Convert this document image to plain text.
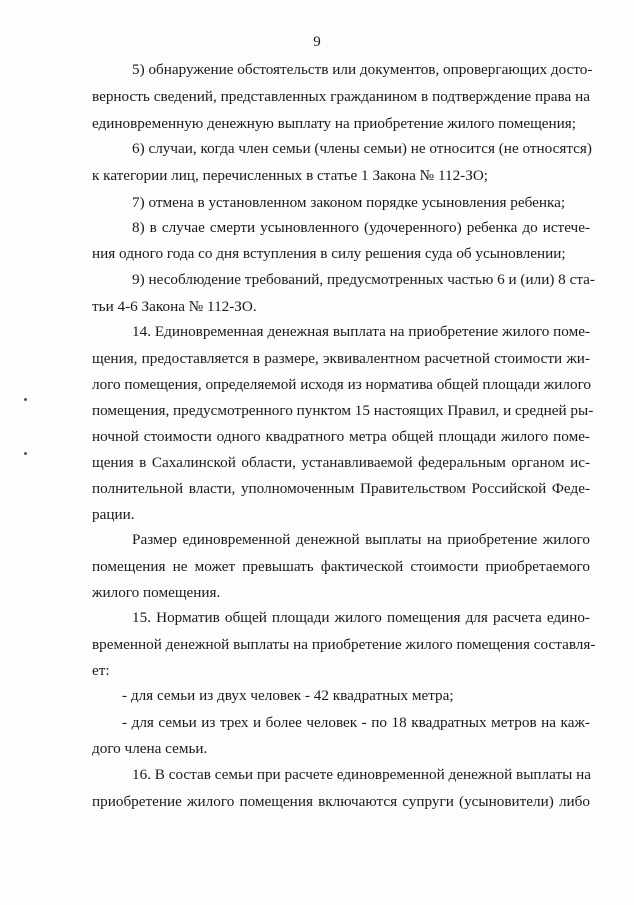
9
5) обнаружение обстоятельств или документов, опровергающих досто-
верность сведений, представленных гражданином в подтверждение права на
единовременную денежную выплату на приобретение жилого помещения;
6) случаи, когда член семьи (члены семьи) не относится (не относятся)
к категории лиц, перечисленных в статье 1 Закона № 112-ЗО;
7) отмена в установленном законом порядке усыновления ребенка;
8) в случае смерти усыновленного (удочеренного) ребенка до истече-
ния одного года со дня вступления в силу решения суда об усыновлении;
9) несоблюдение требований, предусмотренных частью 6 и (или) 8 ста-
тьи 4-6 Закона № 112-ЗО.
14. Единовременная денежная выплата на приобретение жилого поме-
щения, предоставляется в размере, эквивалентном расчетной стоимости жи-
лого помещения, определяемой исходя из норматива общей площади жилого
помещения, предусмотренного пунктом 15 настоящих Правил, и средней ры-
ночной стоимости одного квадратного метра общей площади жилого поме-
щения в Сахалинской области, устанавливаемой федеральным органом ис-
полнительной власти, уполномоченным Правительством Российской Феде-
рации.
Размер единовременной денежной выплаты на приобретение жилого
помещения не может превышать фактической стоимости приобретаемого
жилого помещения.
15. Норматив общей площади жилого помещения для расчета едино-
временной денежной выплаты на приобретение жилого помещения составля-
ет:
- для семьи из двух человек - 42 квадратных метра;
- для семьи из трех и более человек - по 18 квадратных метров на каж-
дого члена семьи.
16. В состав семьи при расчете единовременной денежной выплаты на
приобретение жилого помещения включаются супруги (усыновители) либо
